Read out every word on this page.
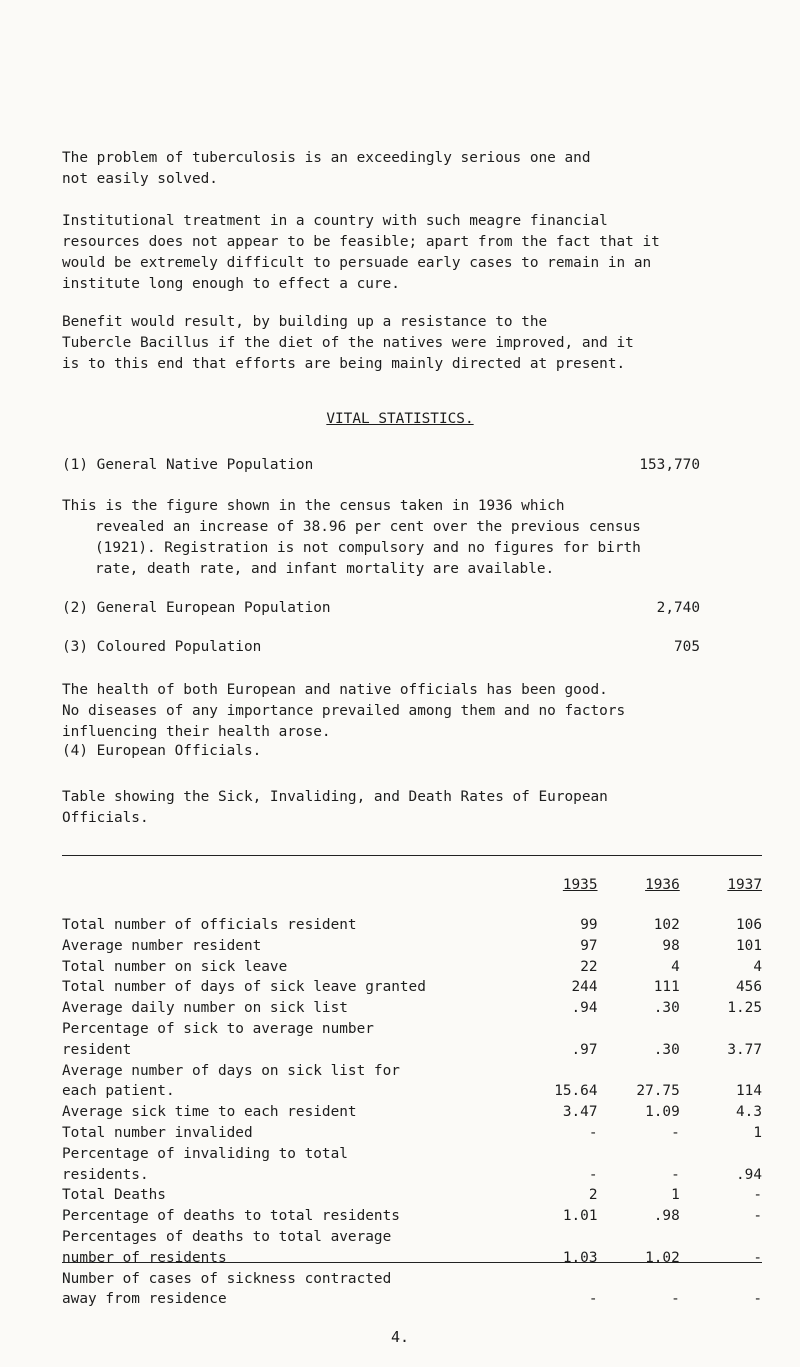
The problem of tuberculosis is an exceedingly serious one and
not easily solved.

Institutional treatment in a country with such meagre financial
resources does not appear to be feasible; apart from the fact that it
would be extremely difficult to persuade early cases to remain in an
institute long enough to effect a cure.

Benefit would result, by building up a resistance to the
Tubercle Bacillus if the diet of the natives were improved, and it
is to this end that efforts are being mainly directed at present.

VITAL STATISTICS.
(1) General Native Population	153,770

This is the figure shown in the census taken in 1936 which
revealed an increase of 38.96 per cent over the previous census
(1921). Registration is not compulsory and no figures for birth
rate, death rate, and infant mortality are available.

(2) General European Population	2,740
(3) Coloured Population	705

The health of both European and native officials has been good.
No diseases of any importance prevailed among them and no factors
influencing their health arose.

(4) European Officials.

Table showing the Sick, Invaliding, and Death Rates of European
Officials.

	1935	1936	1937
Total number of officials resident	99	102	106
Average number resident	97	98	101
Total number on sick leave	22	4	4
Total number of days of sick leave granted	244	111	456
Average daily number on sick list	.94	.30	1.25
Percentage of sick to average number
resident	.97	.30	3.77
Average number of days on sick list for
each patient.	15.64	27.75	114
Average sick time to each resident	3.47	1.09	4.3
Total number invalided	-	-	1
Percentage of invaliding to total
residents.	-	-	.94
Total Deaths	2	1	-
Percentage of deaths to total residents	1.01	.98	-
Percentages of deaths to total average
number of residents	1.03	1.02	-
Number of cases of sickness contracted
away from residence	-	-	-
4.
